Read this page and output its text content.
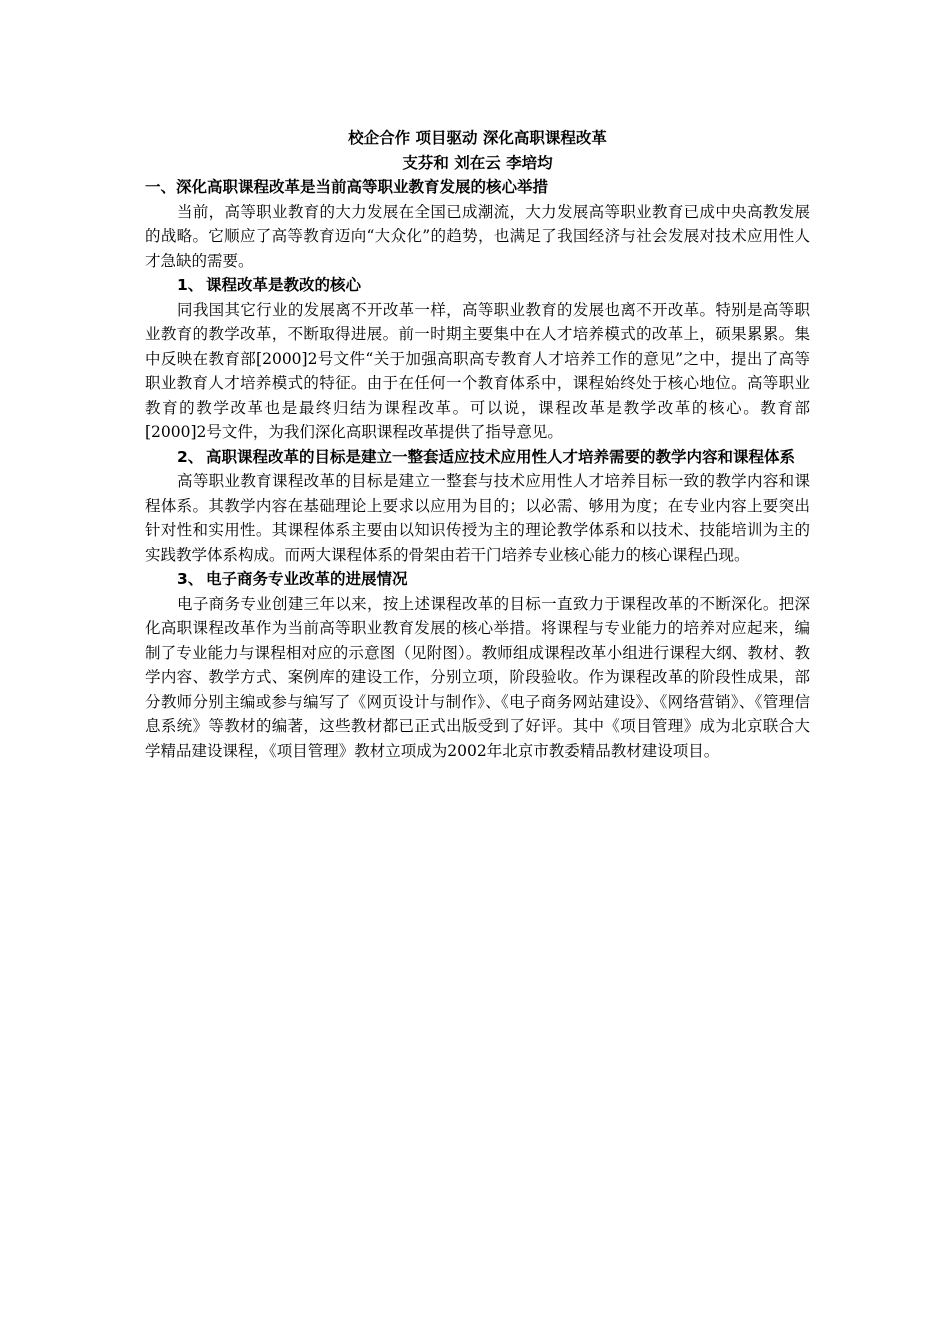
校企合作 项目驱动 深化高职课程改革
支芬和 刘在云 李培均
一、深化高职课程改革是当前高等职业教育发展的核心举措

当前，高等职业教育的大力发展在全国已成潮流，大力发展高等职业教育已成中央高教发展的战略。它顺应了高等教育迈向“大众化”的趋势，也满足了我国经济与社会发展对技术应用性人才急缺的需要。

1、 课程改革是教改的核心

同我国其它行业的发展离不开改革一样，高等职业教育的发展也离不开改革。特别是高等职业教育的教学改革，不断取得进展。前一时期主要集中在人才培养模式的改革上，硕果累累。集中反映在教育部[2000]2号文件“关于加强高职高专教育人才培养工作的意见”之中，提出了高等职业教育人才培养模式的特征。由于在任何一个教育体系中，课程始终处于核心地位。高等职业教育的教学改革也是最终归结为课程改革。可以说，课程改革是教学改革的核心。教育部[2000]2号文件，为我们深化高职课程改革提供了指导意见。

2、 高职课程改革的目标是建立一整套适应技术应用性人才培养需要的教学内容和课程体系

高等职业教育课程改革的目标是建立一整套与技术应用性人才培养目标一致的教学内容和课程体系。其教学内容在基础理论上要求以应用为目的；以必需、够用为度；在专业内容上要突出针对性和实用性。其课程体系主要由以知识传授为主的理论教学体系和以技术、技能培训为主的实践教学体系构成。而两大课程体系的骨架由若干门培养专业核心能力的核心课程凸现。

3、 电子商务专业改革的进展情况

电子商务专业创建三年以来，按上述课程改革的目标一直致力于课程改革的不断深化。把深化高职课程改革作为当前高等职业教育发展的核心举措。将课程与专业能力的培养对应起来，编制了专业能力与课程相对应的示意图（见附图）。教师组成课程改革小组进行课程大纲、教材、教学内容、教学方式、案例库的建设工作，分别立项，阶段验收。作为课程改革的阶段性成果，部分教师分别主编或参与编写了《网页设计与制作》、《电子商务网站建设》、《网络营销》、《管理信息系统》等教材的编著，这些教材都已正式出版受到了好评。其中《项目管理》成为北京联合大学精品建设课程，《项目管理》教材立项成为2002年北京市教委精品教材建设项目。
